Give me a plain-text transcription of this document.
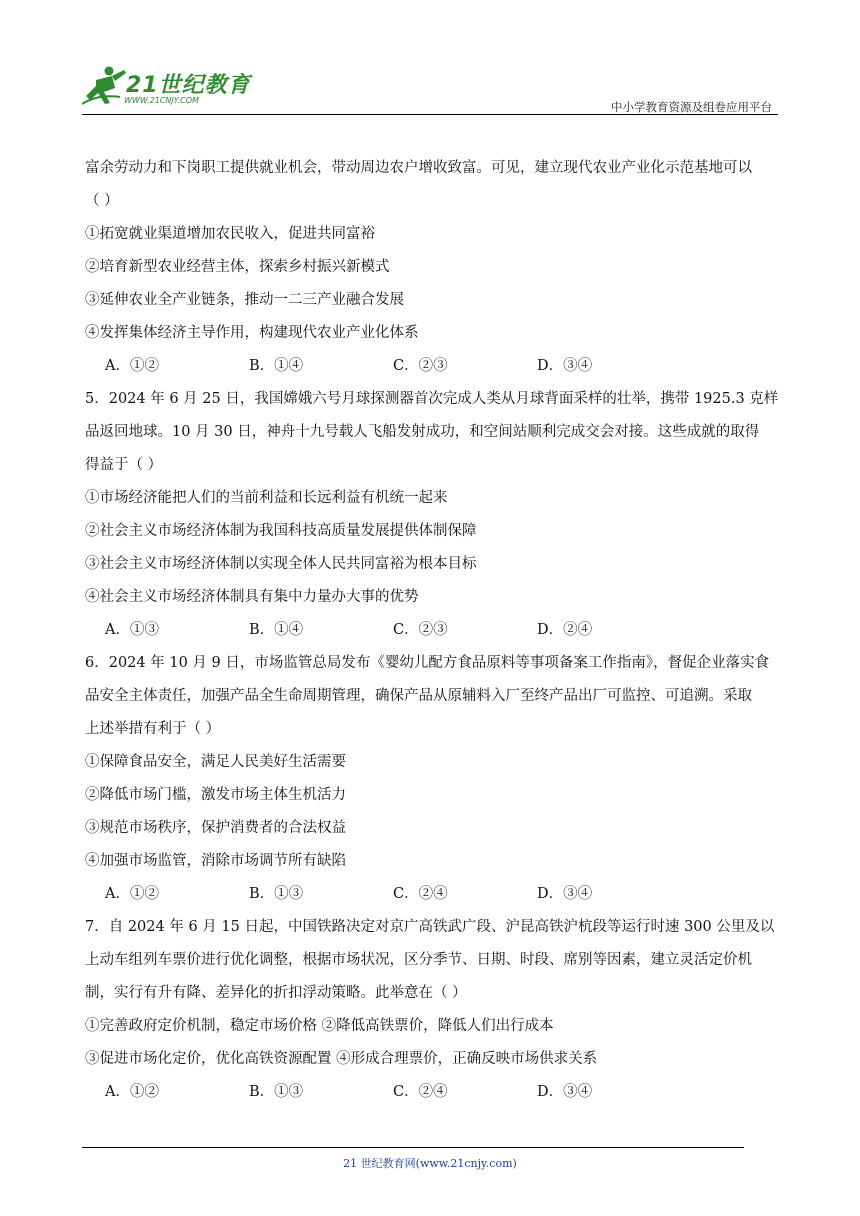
21世纪教育
WWW.21CNJY.COM	中小学教育资源及组卷应用平台
富余劳动力和下岗职工提供就业机会，带动周边农户增收致富。可见，建立现代农业产业化示范基地可以
（ ）
①拓宽就业渠道增加农民收入，促进共同富裕
②培育新型农业经营主体，探索乡村振兴新模式
③延伸农业全产业链条，推动一二三产业融合发展
④发挥集体经济主导作用，构建现代农业产业化体系
A．①②	B．①④	C．②③	D．③④
5．2024 年 6 月 25 日，我国嫦娥六号月球探测器首次完成人类从月球背面采样的壮举，携带 1925.3 克样
品返回地球。10 月 30 日，神舟十九号载人飞船发射成功，和空间站顺利完成交会对接。这些成就的取得
得益于（ ）
①市场经济能把人们的当前利益和长远利益有机统一起来
②社会主义市场经济体制为我国科技高质量发展提供体制保障
③社会主义市场经济体制以实现全体人民共同富裕为根本目标
④社会主义市场经济体制具有集中力量办大事的优势
A．①③	B．①④	C．②③	D．②④
6．2024 年 10 月 9 日，市场监管总局发布《婴幼儿配方食品原料等事项备案工作指南》，督促企业落实食
品安全主体责任，加强产品全生命周期管理，确保产品从原辅料入厂至终产品出厂可监控、可追溯。采取
上述举措有利于（ ）
①保障食品安全，满足人民美好生活需要
②降低市场门槛，激发市场主体生机活力
③规范市场秩序，保护消费者的合法权益
④加强市场监管，消除市场调节所有缺陷
A．①②	B．①③	C．②④	D．③④
7．自 2024 年 6 月 15 日起，中国铁路决定对京广高铁武广段、沪昆高铁沪杭段等运行时速 300 公里及以
上动车组列车票价进行优化调整，根据市场状况，区分季节、日期、时段、席别等因素，建立灵活定价机
制，实行有升有降、差异化的折扣浮动策略。此举意在（ ）
①完善政府定价机制，稳定市场价格 ②降低高铁票价，降低人们出行成本
③促进市场化定价，优化高铁资源配置 ④形成合理票价，正确反映市场供求关系
A．①②	B．①③	C．②④	D．③④
21 世纪教育网(www.21cnjy.com)
